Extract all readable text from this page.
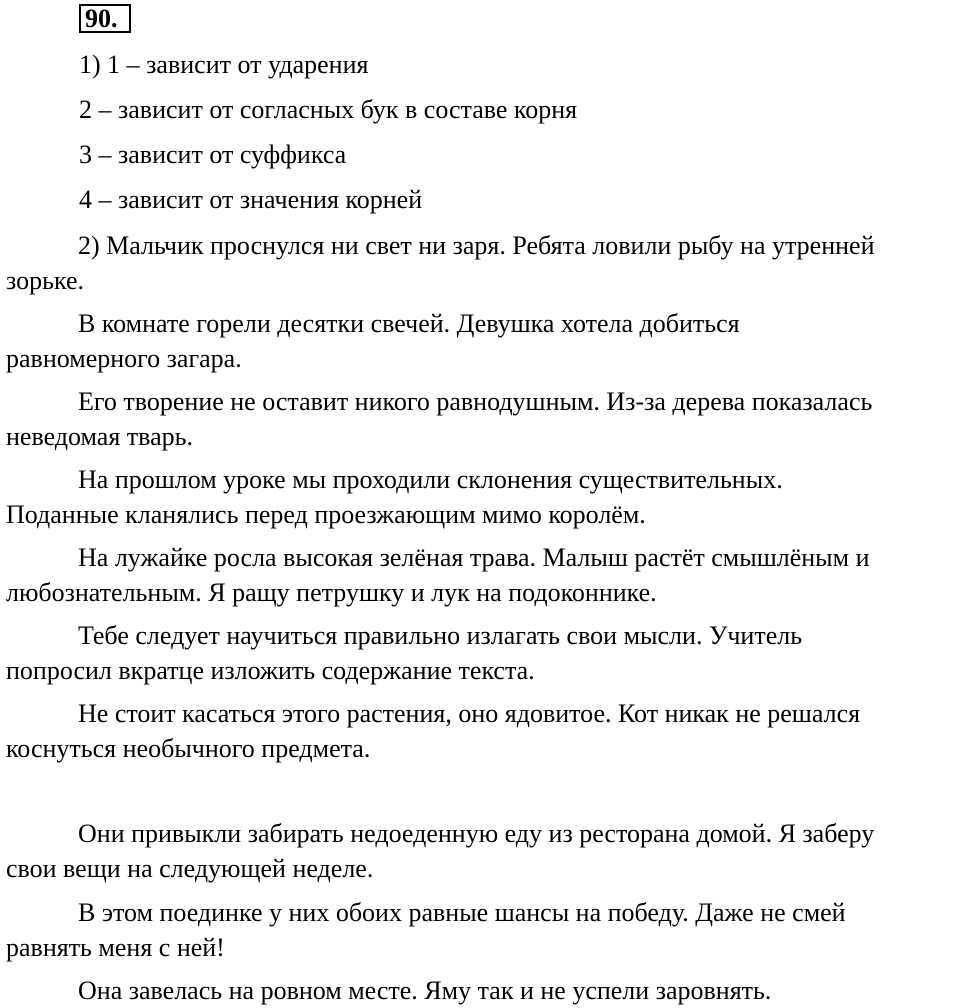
90.
1) 1 – зависит от ударения
2 – зависит от согласных бук в составе корня
3 – зависит от суффикса
4 – зависит от значения корней
2) Мальчик проснулся ни свет ни заря. Ребята ловили рыбу на утренней
зорьке.
В комнате горели десятки свечей. Девушка хотела добиться
равномерного загара.
Его творение не оставит никого равнодушным. Из-за дерева показалась
неведомая тварь.
На прошлом уроке мы проходили склонения существительных.
Поданные кланялись перед проезжающим мимо королём.
На лужайке росла высокая зелёная трава. Малыш растёт смышлёным и
любознательным. Я ращу петрушку и лук на подоконнике.
Тебе следует научиться правильно излагать свои мысли. Учитель
попросил вкратце изложить содержание текста.
Не стоит касаться этого растения, оно ядовитое. Кот никак не решался
коснуться необычного предмета.
Они привыкли забирать недоеденную еду из ресторана домой. Я заберу
свои вещи на следующей неделе.
В этом поединке у них обоих равные шансы на победу. Даже не смей
равнять меня с ней!
Она завелась на ровном месте. Яму так и не успели заровнять.
